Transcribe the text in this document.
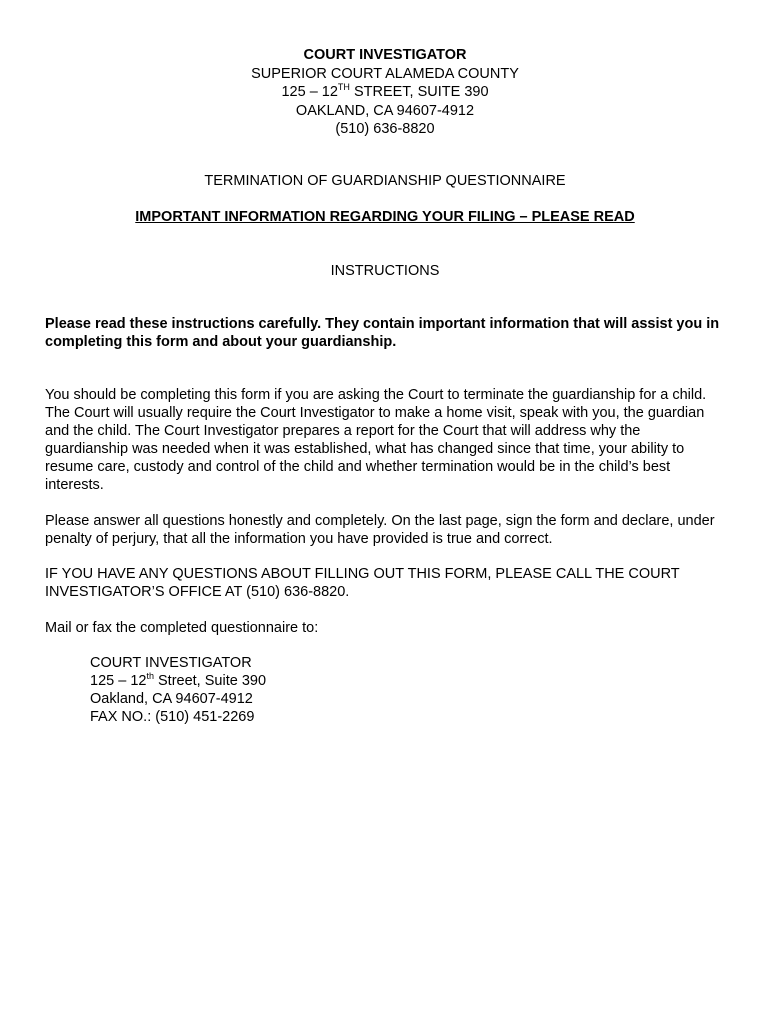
COURT INVESTIGATOR
SUPERIOR COURT ALAMEDA COUNTY
125 – 12TH STREET, SUITE 390
OAKLAND, CA 94607-4912
(510) 636-8820
TERMINATION OF GUARDIANSHIP QUESTIONNAIRE
IMPORTANT INFORMATION REGARDING YOUR FILING – PLEASE READ
INSTRUCTIONS
Please read these instructions carefully. They contain important information that will assist you in completing this form and about your guardianship.
You should be completing this form if you are asking the Court to terminate the guardianship for a child. The Court will usually require the Court Investigator to make a home visit, speak with you, the guardian and the child. The Court Investigator prepares a report for the Court that will address why the guardianship was needed when it was established, what has changed since that time, your ability to resume care, custody and control of the child and whether termination would be in the child’s best interests.
Please answer all questions honestly and completely. On the last page, sign the form and declare, under penalty of perjury, that all the information you have provided is true and correct.
IF YOU HAVE ANY QUESTIONS ABOUT FILLING OUT THIS FORM, PLEASE CALL THE COURT INVESTIGATOR’S OFFICE AT (510) 636-8820.
Mail or fax the completed questionnaire to:
COURT INVESTIGATOR
125 – 12th Street, Suite 390
Oakland, CA 94607-4912
FAX NO.: (510) 451-2269
